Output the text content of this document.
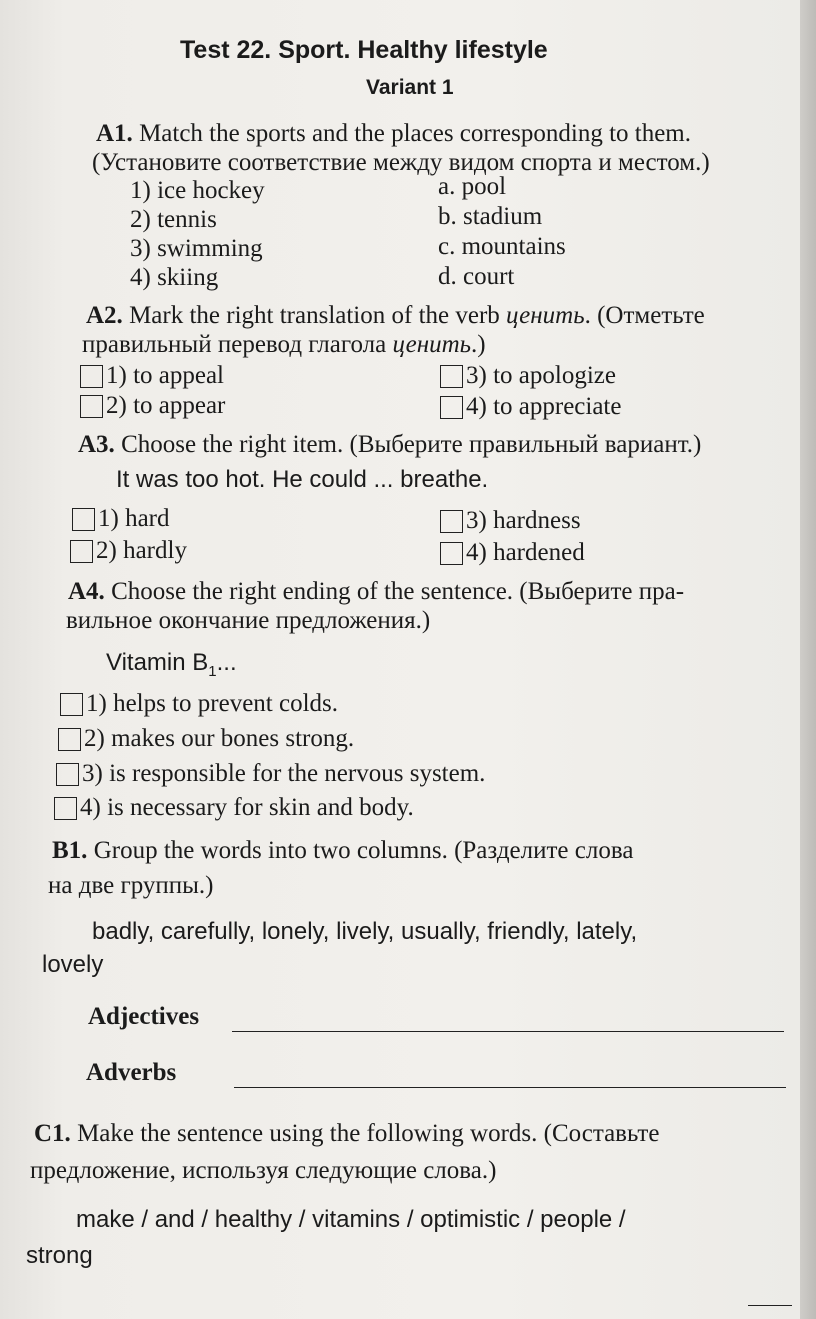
Test 22. Sport. Healthy lifestyle
Variant 1
A1. Match the sports and the places corresponding to them.
(Установите соответствие между видом спорта и местом.)
1) ice hockey
2) tennis
3) swimming
4) skiing
a. pool
b. stadium
c. mountains
d. court
A2. Mark the right translation of the verb ценить. (Отметьте
правильный перевод глагола ценить.)
1) to appeal
2) to appear
3) to apologize
4) to appreciate
A3. Choose the right item. (Выберите правильный вариант.)
It was too hot. He could ... breathe.
1) hard
2) hardly
3) hardness
4) hardened
A4. Choose the right ending of the sentence. (Выберите пра-
вильное окончание предложения.)
Vitamin $B_1$...
1) helps to prevent colds.
2) makes our bones strong.
3) is responsible for the nervous system.
4) is necessary for skin and body.
B1. Group the words into two columns. (Разделите слова
на две группы.)
badly, carefully, lonely, lively, usually, friendly, lately,
lovely
Adjectives
Adverbs
C1. Make the sentence using the following words. (Составьте
предложение, используя следующие слова.)
make / and / healthy / vitamins / optimistic / people /
strong
